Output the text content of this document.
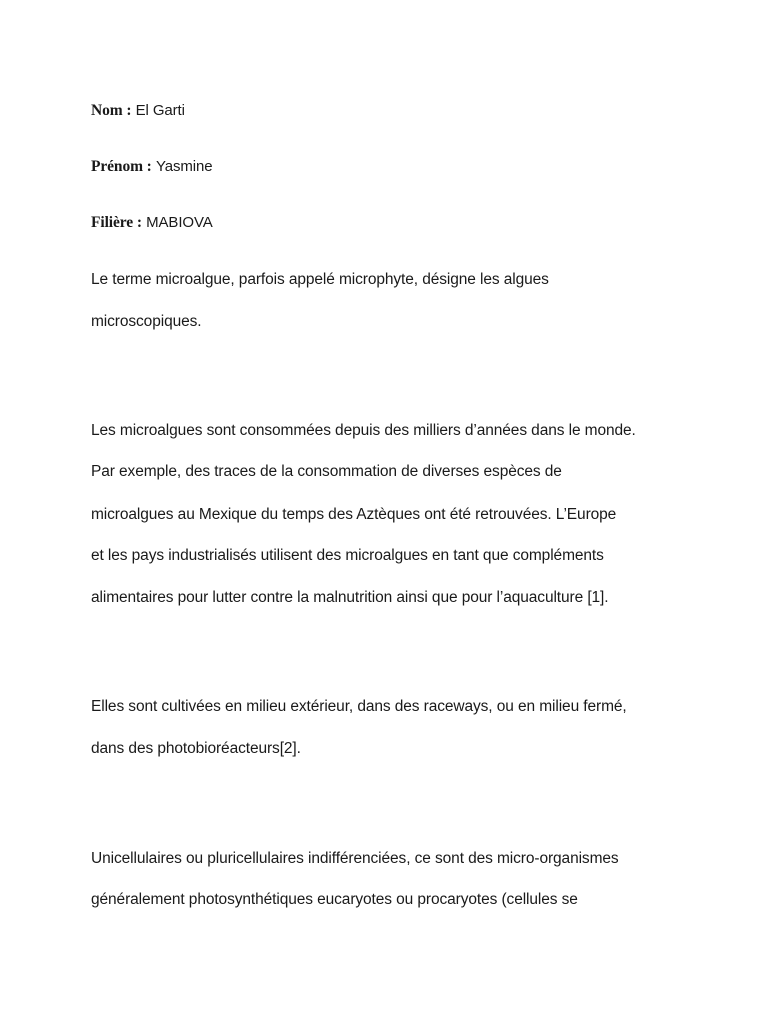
Nom : El Garti
Prénom : Yasmine
Filière : MABIOVA
Le terme microalgue, parfois appelé microphyte, désigne les algues
microscopiques.
Les microalgues sont consommées depuis des milliers d’années dans le monde.
Par exemple, des traces de la consommation de diverses espèces de
microalgues au Mexique du temps des Aztèques ont été retrouvées. L’Europe
et les pays industrialisés utilisent des microalgues en tant que compléments
alimentaires pour lutter contre la malnutrition ainsi que pour l’aquaculture [1].
Elles sont cultivées en milieu extérieur, dans des raceways, ou en milieu fermé,
dans des photobioréacteurs[2].
Unicellulaires ou pluricellulaires indifférenciées, ce sont des micro-organismes
généralement photosynthétiques eucaryotes ou procaryotes (cellules se
